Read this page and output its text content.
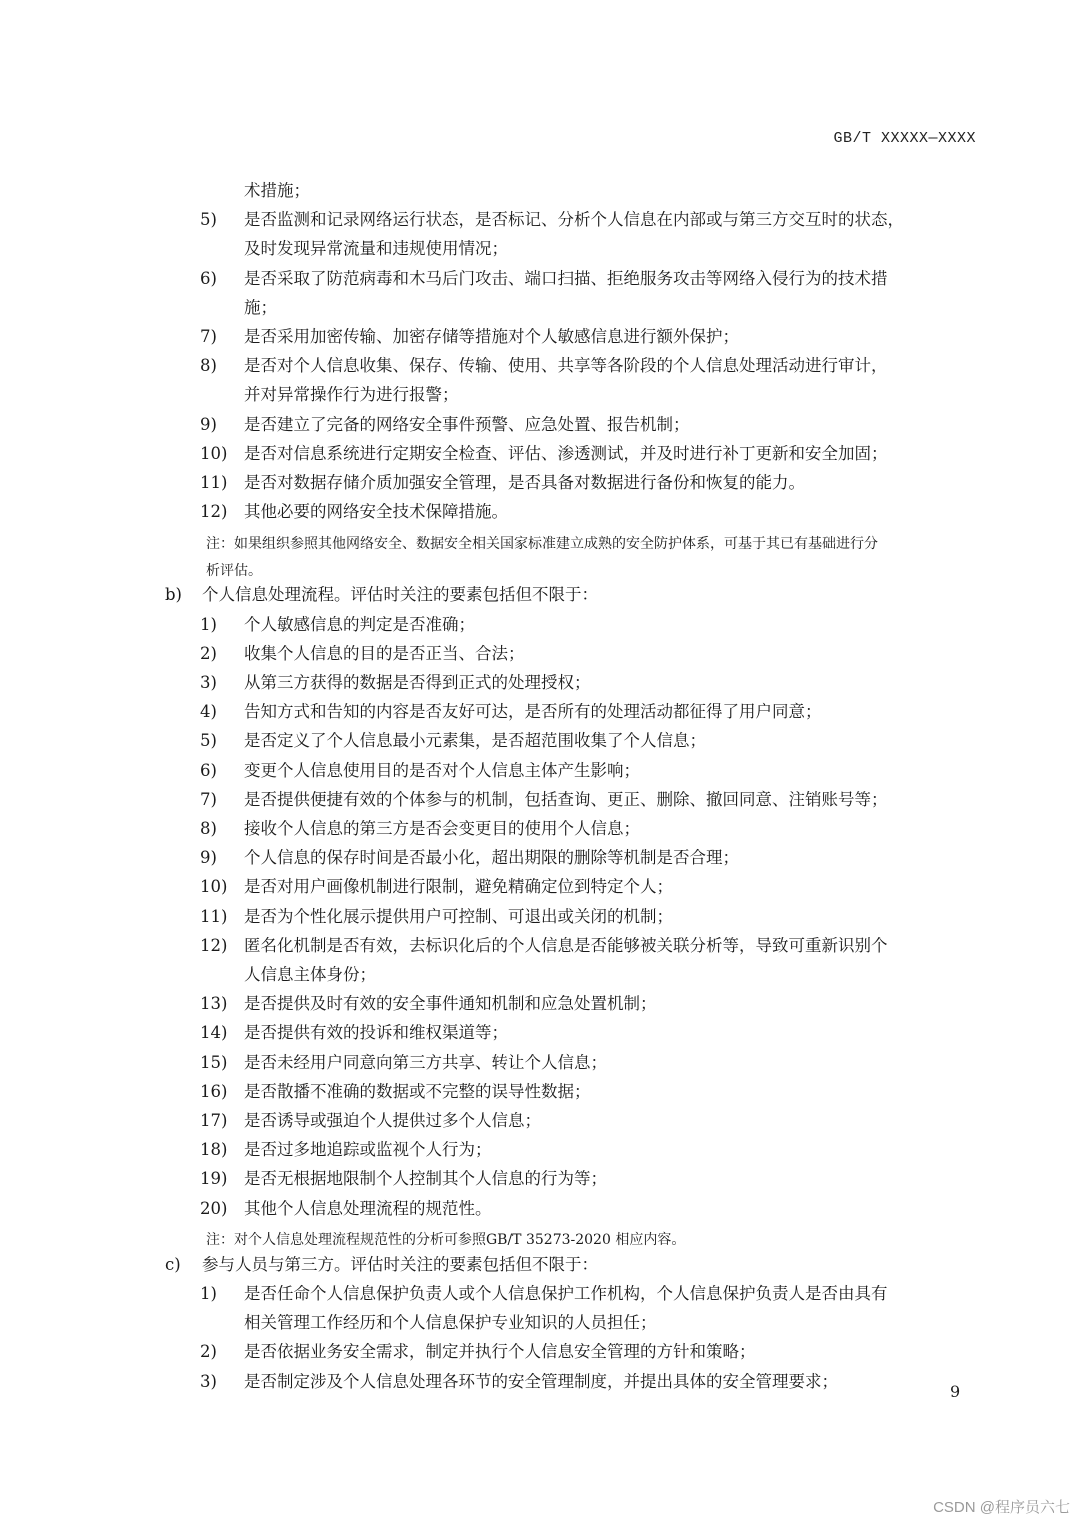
GB/T XXXXX—XXXX
术措施；
5) 是否监测和记录网络运行状态，是否标记、分析个人信息在内部或与第三方交互时的状态，
及时发现异常流量和违规使用情况；
6) 是否采取了防范病毒和木马后门攻击、端口扫描、拒绝服务攻击等网络入侵行为的技术措
施；
7) 是否采用加密传输、加密存储等措施对个人敏感信息进行额外保护；
8) 是否对个人信息收集、保存、传输、使用、共享等各阶段的个人信息处理活动进行审计，
并对异常操作行为进行报警；
9) 是否建立了完备的网络安全事件预警、应急处置、报告机制；
10) 是否对信息系统进行定期安全检查、评估、渗透测试，并及时进行补丁更新和安全加固；
11) 是否对数据存储介质加强安全管理，是否具备对数据进行备份和恢复的能力。
12) 其他必要的网络安全技术保障措施。
注：如果组织参照其他网络安全、数据安全相关国家标准建立成熟的安全防护体系，可基于其已有基础进行分
析评估。
b) 个人信息处理流程。评估时关注的要素包括但不限于：
1) 个人敏感信息的判定是否准确；
2) 收集个人信息的目的是否正当、合法；
3) 从第三方获得的数据是否得到正式的处理授权；
4) 告知方式和告知的内容是否友好可达，是否所有的处理活动都征得了用户同意；
5) 是否定义了个人信息最小元素集，是否超范围收集了个人信息；
6) 变更个人信息使用目的是否对个人信息主体产生影响；
7) 是否提供便捷有效的个体参与的机制，包括查询、更正、删除、撤回同意、注销账号等；
8) 接收个人信息的第三方是否会变更目的使用个人信息；
9) 个人信息的保存时间是否最小化，超出期限的删除等机制是否合理；
10) 是否对用户画像机制进行限制，避免精确定位到特定个人；
11) 是否为个性化展示提供用户可控制、可退出或关闭的机制；
12) 匿名化机制是否有效，去标识化后的个人信息是否能够被关联分析等，导致可重新识别个
人信息主体身份；
13) 是否提供及时有效的安全事件通知机制和应急处置机制；
14) 是否提供有效的投诉和维权渠道等；
15) 是否未经用户同意向第三方共享、转让个人信息；
16) 是否散播不准确的数据或不完整的误导性数据；
17) 是否诱导或强迫个人提供过多个人信息；
18) 是否过多地追踪或监视个人行为；
19) 是否无根据地限制个人控制其个人信息的行为等；
20) 其他个人信息处理流程的规范性。
注：对个人信息处理流程规范性的分析可参照GB/T 35273-2020 相应内容。
c) 参与人员与第三方。评估时关注的要素包括但不限于：
1) 是否任命个人信息保护负责人或个人信息保护工作机构，个人信息保护负责人是否由具有
相关管理工作经历和个人信息保护专业知识的人员担任；
2) 是否依据业务安全需求，制定并执行个人信息安全管理的方针和策略；
3) 是否制定涉及个人信息处理各环节的安全管理制度，并提出具体的安全管理要求；
9
CSDN @程序员六七
